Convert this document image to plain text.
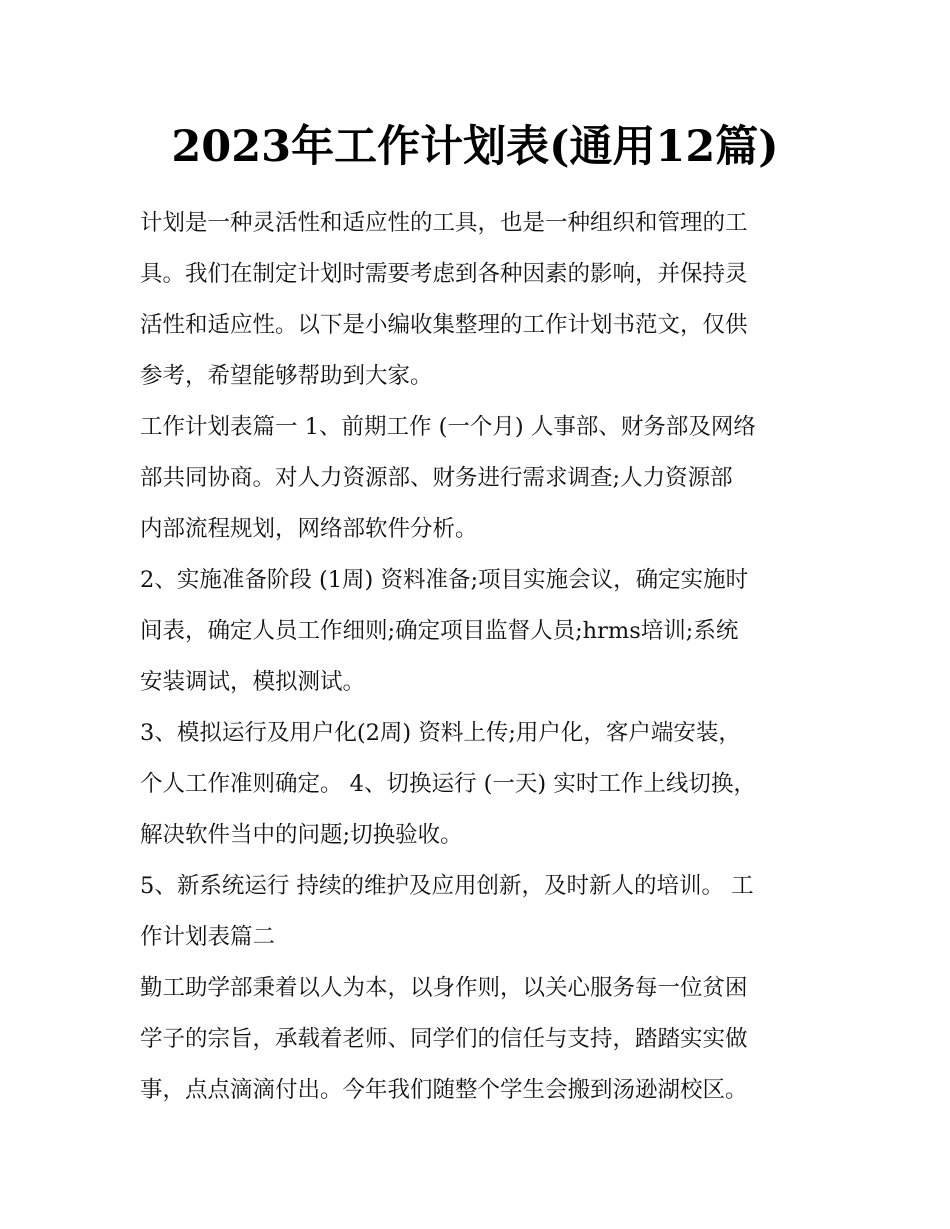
2023年工作计划表(通用12篇)
计划是一种灵活性和适应性的工具，也是一种组织和管理的工
具。我们在制定计划时需要考虑到各种因素的影响，并保持灵
活性和适应性。以下是小编收集整理的工作计划书范文，仅供
参考，希望能够帮助到大家。
工作计划表篇一 1、前期工作 (一个月) 人事部、财务部及网络
部共同协商。对人力资源部、财务进行需求调查;人力资源部
内部流程规划，网络部软件分析。
2、实施准备阶段 (1周) 资料准备;项目实施会议，确定实施时
间表，确定人员工作细则;确定项目监督人员;hrms培训;系统
安装调试，模拟测试。
3、模拟运行及用户化(2周) 资料上传;用户化，客户端安装，
个人工作准则确定。 4、切换运行 (一天) 实时工作上线切换，
解决软件当中的问题;切换验收。
5、新系统运行 持续的维护及应用创新，及时新人的培训。 工
作计划表篇二
勤工助学部秉着以人为本，以身作则，以关心服务每一位贫困
学子的宗旨，承载着老师、同学们的信任与支持，踏踏实实做
事，点点滴滴付出。今年我们随整个学生会搬到汤逊湖校区。
